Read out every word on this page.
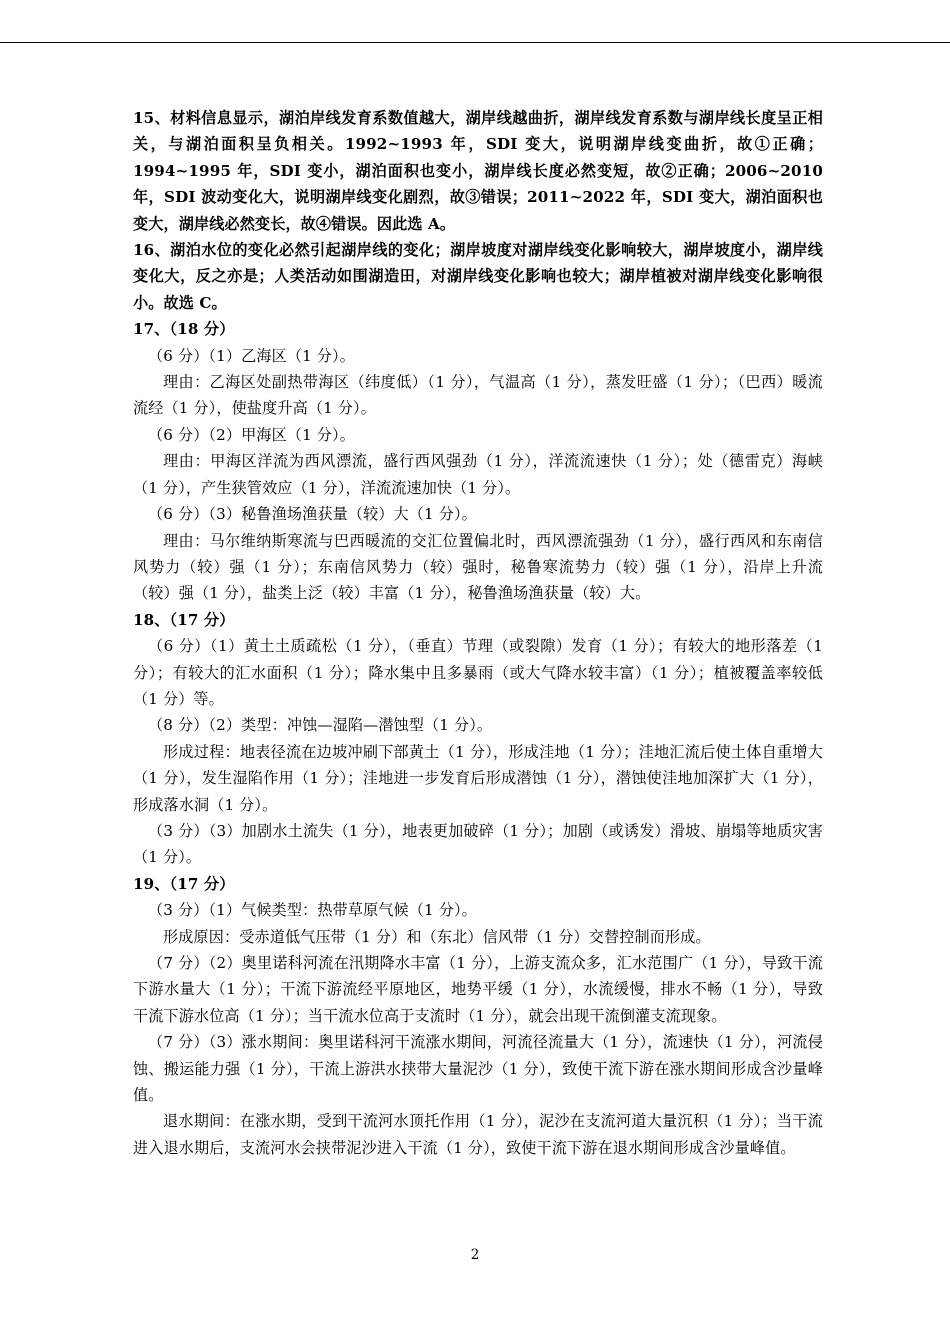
15、材料信息显示，湖泊岸线发育系数值越大，湖岸线越曲折，湖岸线发育系数与湖岸线长度呈正相关，与湖泊面积呈负相关。1992~1993 年，SDI 变大，说明湖岸线变曲折，故①正确；1994~1995 年，SDI 变小，湖泊面积也变小，湖岸线长度必然变短，故②正确；2006~2010 年，SDI 波动变化大，说明湖岸线变化剧烈，故③错误；2011~2022 年，SDI 变大，湖泊面积也变大，湖岸线必然变长，故④错误。因此选 A。

16、湖泊水位的变化必然引起湖岸线的变化；湖岸坡度对湖岸线变化影响较大，湖岸坡度小，湖岸线变化大，反之亦是；人类活动如围湖造田，对湖岸线变化影响也较大；湖岸植被对湖岸线变化影响很小。故选 C。

17、（18 分）

（6 分）（1）乙海区（1 分）。

理由：乙海区处副热带海区（纬度低）（1 分），气温高（1 分），蒸发旺盛（1 分）；（巴西）暖流流经（1 分），使盐度升高（1 分）。

（6 分）（2）甲海区（1 分）。

理由：甲海区洋流为西风漂流，盛行西风强劲（1 分），洋流流速快（1 分）；处（德雷克）海峡（1 分），产生狭管效应（1 分），洋流流速加快（1 分）。

（6 分）（3）秘鲁渔场渔获量（较）大（1 分）。

理由：马尔维纳斯寒流与巴西暖流的交汇位置偏北时，西风漂流强劲（1 分），盛行西风和东南信风势力（较）强（1 分）；东南信风势力（较）强时，秘鲁寒流势力（较）强（1 分），沿岸上升流（较）强（1 分），盐类上泛（较）丰富（1 分），秘鲁渔场渔获量（较）大。

18、（17 分）

（6 分）（1）黄土土质疏松（1 分），（垂直）节理（或裂隙）发育（1 分）；有较大的地形落差（1 分）；有较大的汇水面积（1 分）；降水集中且多暴雨（或大气降水较丰富）（1 分）；植被覆盖率较低（1 分）等。

（8 分）（2）类型：冲蚀—湿陷—潜蚀型（1 分）。

形成过程：地表径流在边坡冲刷下部黄土（1 分），形成洼地（1 分）；洼地汇流后使土体自重增大（1 分），发生湿陷作用（1 分）；洼地进一步发育后形成潜蚀（1 分），潜蚀使洼地加深扩大（1 分），形成落水洞（1 分）。

（3 分）（3）加剧水土流失（1 分），地表更加破碎（1 分）；加剧（或诱发）滑坡、崩塌等地质灾害（1 分）。

19、（17 分）

（3 分）（1）气候类型：热带草原气候（1 分）。

形成原因：受赤道低气压带（1 分）和（东北）信风带（1 分）交替控制而形成。

（7 分）（2）奥里诺科河流在汛期降水丰富（1 分），上游支流众多，汇水范围广（1 分），导致干流下游水量大（1 分）；干流下游流经平原地区，地势平缓（1 分），水流缓慢，排水不畅（1 分），导致干流下游水位高（1 分）；当干流水位高于支流时（1 分），就会出现干流倒灌支流现象。

（7 分）（3）涨水期间：奥里诺科河干流涨水期间，河流径流量大（1 分），流速快（1 分），河流侵蚀、搬运能力强（1 分），干流上游洪水挟带大量泥沙（1 分），致使干流下游在涨水期间形成含沙量峰值。

退水期间：在涨水期，受到干流河水顶托作用（1 分），泥沙在支流河道大量沉积（1 分）；当干流进入退水期后，支流河水会挟带泥沙进入干流（1 分），致使干流下游在退水期间形成含沙量峰值。

2
